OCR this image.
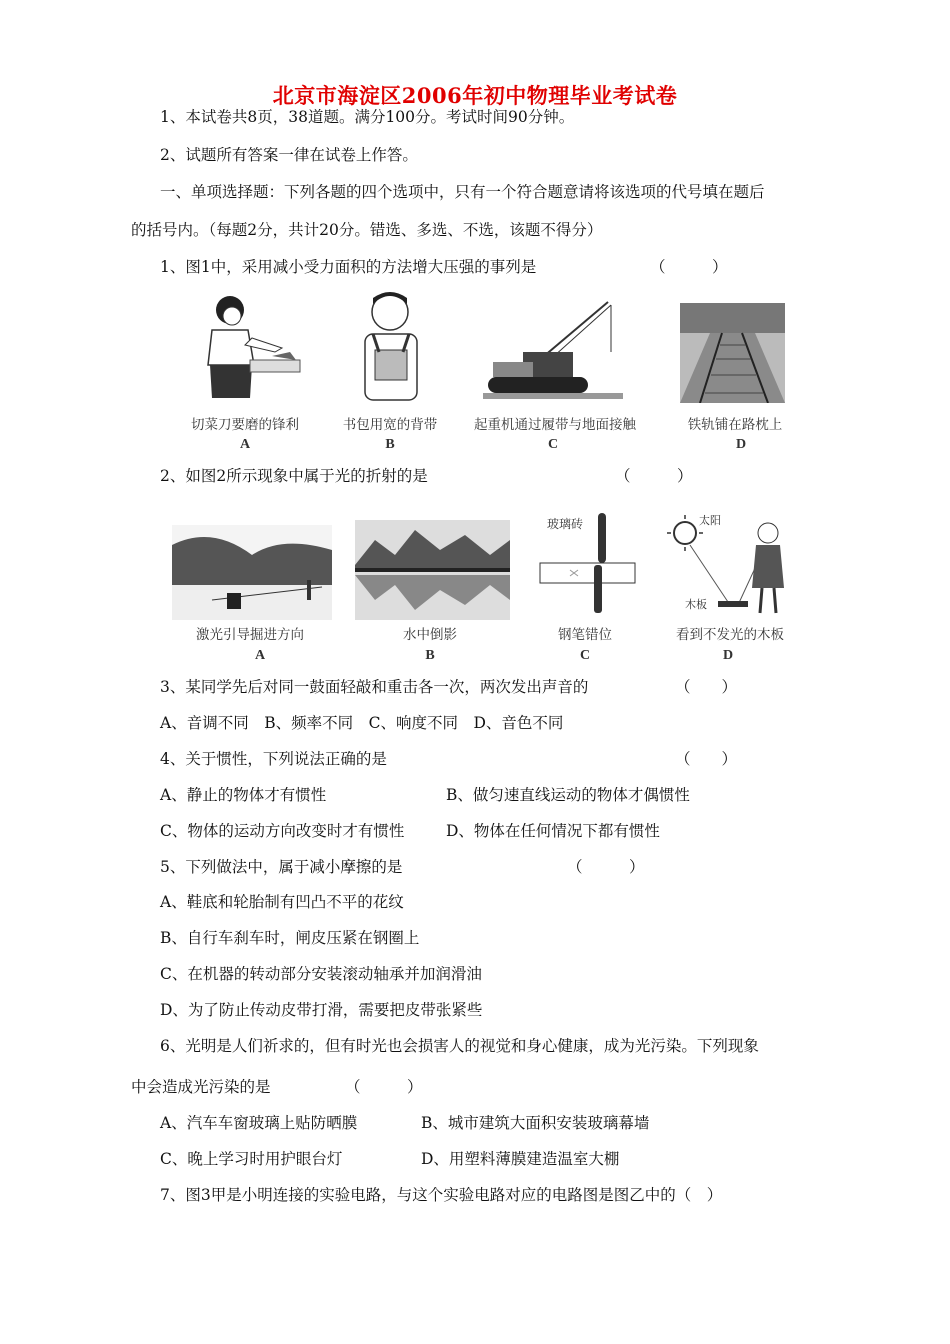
北京市海淀区2006年初中物理毕业考试卷
1、本试卷共8页，38道题。满分100分。考试时间90分钟。
2、试题所有答案一律在试卷上作答。
一、单项选择题：下列各题的四个选项中，只有一个符合题意请将该选项的代号填在题后
的括号内。（每题2分，共计20分。错选、多选、不选，该题不得分）
1、图1中，采用减小受力面积的方法增大压强的事列是	（　　　）
切菜刀要磨的锋利
A
书包用宽的背带
B
起重机通过履带与地面接触
C
铁轨铺在路枕上
D
2、如图2所示现象中属于光的折射的是	（　　　）
激光引导掘进方向
A
水中倒影
B
玻璃砖
钢笔错位
C
太阳
木板
看到不发光的木板
D
3、某同学先后对同一鼓面轻敲和重击各一次，两次发出声音的	（　　）
A、音调不同　B、频率不同　C、响度不同　D、音色不同
4、关于惯性，下列说法正确的是	（　　）
A、静止的物体才有惯性	B、做匀速直线运动的物体才偶惯性
C、物体的运动方向改变时才有惯性	D、物体在任何情况下都有惯性
5、下列做法中，属于减小摩擦的是	（　　　）
A、鞋底和轮胎制有凹凸不平的花纹
B、自行车刹车时，闸皮压紧在钢圈上
C、在机器的转动部分安装滚动轴承并加润滑油
D、为了防止传动皮带打滑，需要把皮带张紧些
6、光明是人们祈求的，但有时光也会损害人的视觉和身心健康，成为光污染。下列现象
中会造成光污染的是	（　　　）
A、汽车车窗玻璃上贴防晒膜	B、城市建筑大面积安装玻璃幕墙
C、晚上学习时用护眼台灯	D、用塑料薄膜建造温室大棚
7、图3甲是小明连接的实验电路，与这个实验电路对应的电路图是图乙中的（　）
